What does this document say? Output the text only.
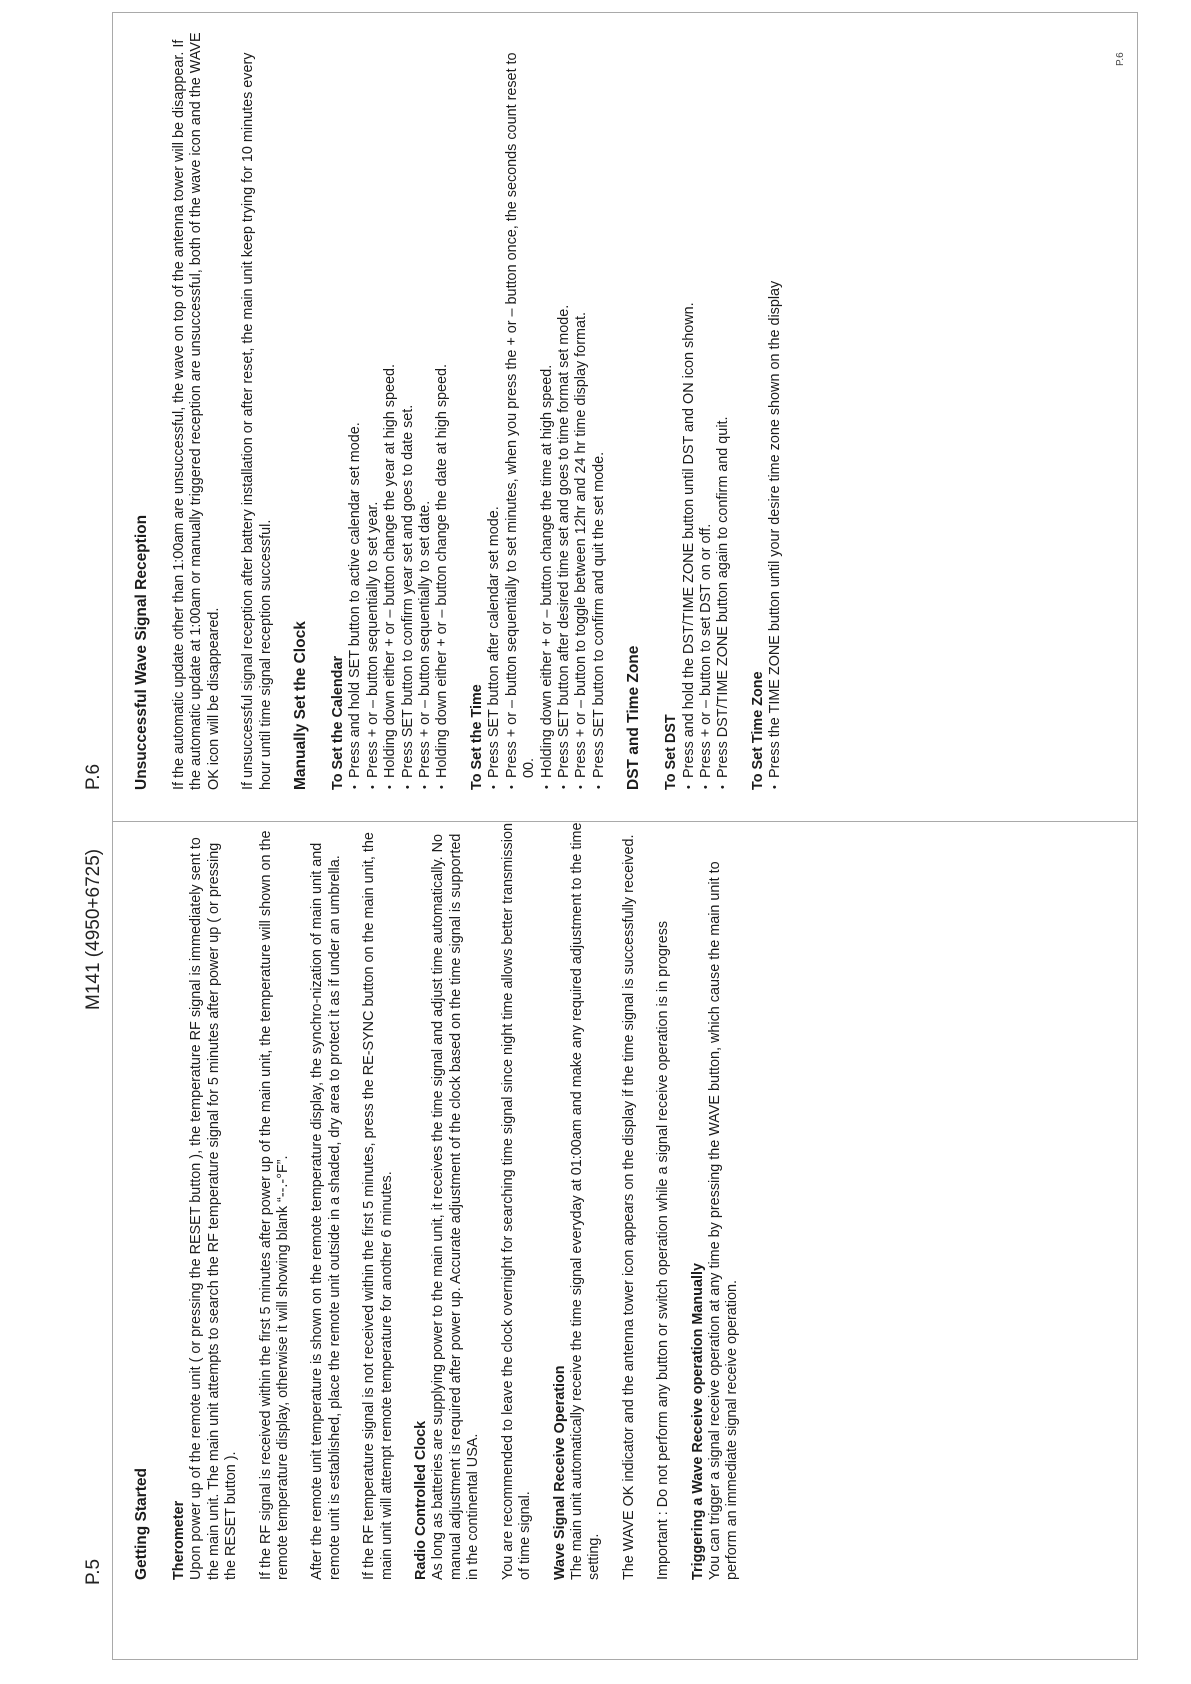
P.5
M141 (4950+6725)
P.6
P.6
Getting Started Therometer Upon power up of the remote unit ( or pressing the RESET button ), the temperature RF signal is immediately sent to the main unit. The main unit attempts to search the RF temperature signal for 5 minutes after power up ( or pressing the RESET button ). If the RF signal is received within the first 5 minutes after power up of the main unit, the temperature will shown on the remote temperature display, otherwise it will showing blank “--.-°F”. After the remote unit temperature is shown on the remote temperature display, the synchro-nization of main unit and remote unit is established, place the remote unit outside in a shaded, dry area to protect it as if under an umbrella. If the RF temperature signal is not received within the first 5 minutes, press the RE-SYNC button on the main unit, the main unit will attempt remote temperature for another 6 minutes. Radio Controlled Clock As long as batteries are supplying power to the main unit, it receives the time signal and adjust time automatically. No manual adjustment is required after power up. Accurate adjustment of the clock based on the time signal is supported in the continental USA. You are recommended to leave the clock overnight for searching time signal since night time allows better transmission of time signal. Wave Signal Receive Operation The main unit automatically receive the time signal everyday at 01:00am and make any required adjustment to the time setting. The WAVE OK indicator and the antenna tower icon appears on the display if the time signal is successfully received. Important : Do not perform any button or switch operation while a signal receive operation is in progress Triggering a Wave Receive operation Manually You can trigger a signal receive operation at any time by pressing the WAVE button, which cause the main unit to perform an immediate signal receive operation.

Unsuccessful Wave Signal Reception If the automatic update other than 1:00am are unsuccessful, the wave on top of the antenna tower will be disappear. If the automatic update at 1:00am or manually triggered reception are unsuccessful, both of the wave icon and the WAVE OK icon will be disappeared. If unsuccessful signal reception after battery installation or after reset, the main unit keep trying for 10 minutes every hour until time signal reception successful. Manually Set the Clock To Set the Calendar • Press and hold SET button to active calendar set mode. • Press + or – button sequentially to set year. • Holding down either + or – button change the year at high speed. • Press SET button to confirm year set and goes to date set. • Press + or – button sequentially to set date. • Holding down either + or – button change the date at high speed. To Set the Time • Press SET button after calendar set mode. • Press + or – button sequentially to set minutes, when you press the + or – button once, the seconds count reset to 00. • Holding down either + or – button change the time at high speed. • Press SET button after desired time set and goes to time format set mode. • Press + or – button to toggle between 12hr and 24 hr time display format. • Press SET button to confirm and quit the set mode. DST and Time Zone To Set DST • Press and hold the DST/TIME ZONE button until DST and ON icon shown. • Press + or – button to set DST on or off. • Press DST/TIME ZONE button again to confirm and quit. To Set Time Zone • Press the TIME ZONE button until your desire time zone shown on the display
